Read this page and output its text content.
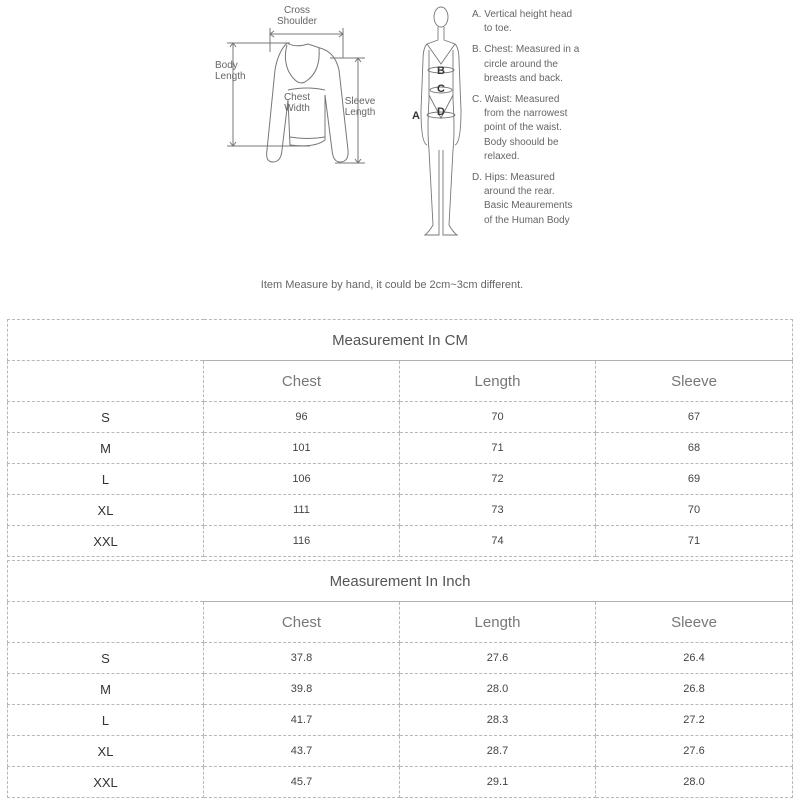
Cross
Shoulder
Body
Length
Chest
Width
Sleeve
Length
B
C
D
A
A. Vertical height head
to toe.
B. Chest: Measured in a
circle around the
breasts and back.
C. Waist: Measured
from the narrowest
point of the waist.
Body shoould be
relaxed.
D. Hips: Measured
around the rear.
Basic Meaurements
of the Human Body
Item Measure by hand, it could be 2cm~3cm different.
Measurement In CM			
	Chest	Length	Sleeve
S	96	70	67
M	101	71	68
L	106	72	69
XL	111	73	70
XXL	116	74	71
Measurement In Inch			
	Chest	Length	Sleeve
S	37.8	27.6	26.4
M	39.8	28.0	26.8
L	41.7	28.3	27.2
XL	43.7	28.7	27.6
XXL	45.7	29.1	28.0
